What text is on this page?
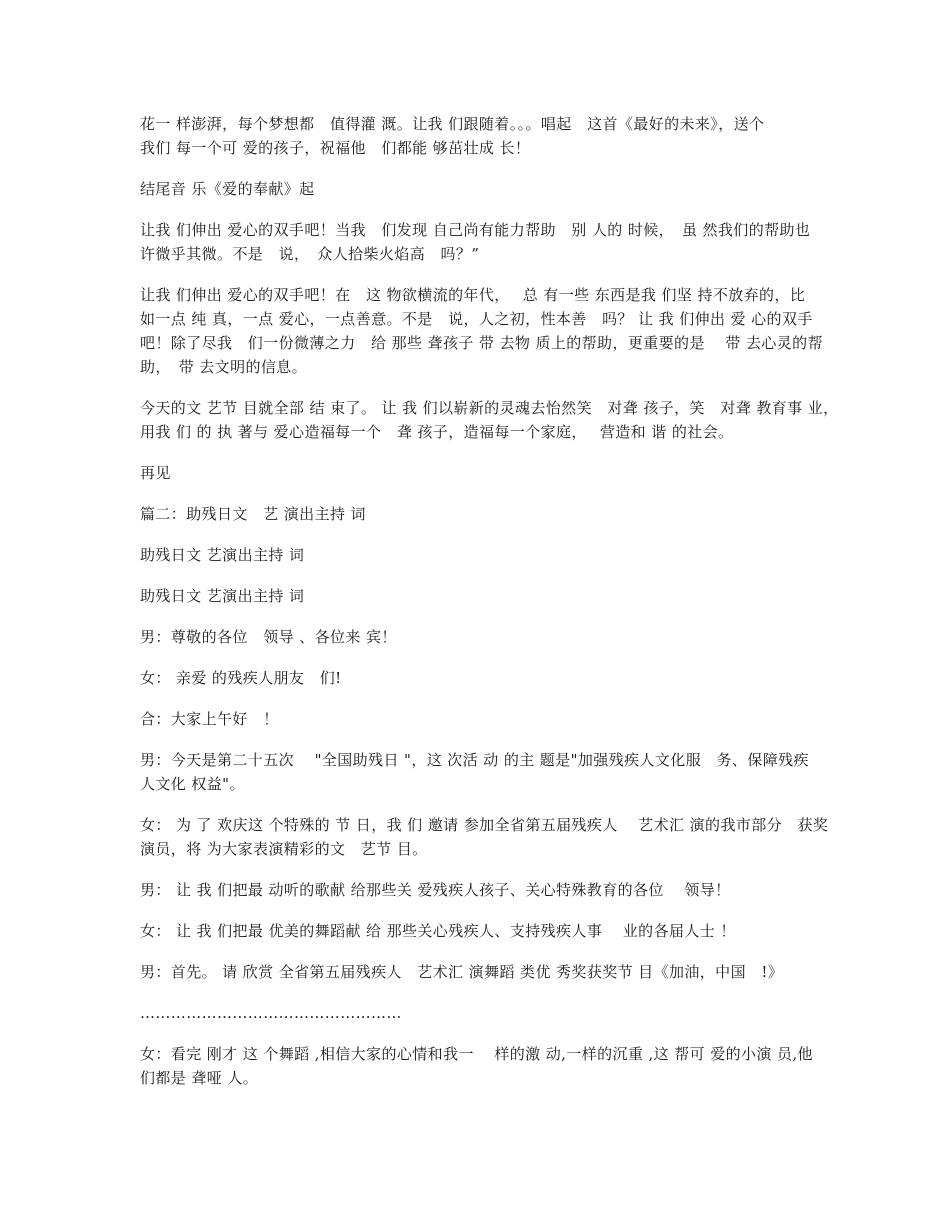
花一 样澎湃，每个梦想都　值得灌 溉。让我 们跟随着。。。唱起　这首《最好的未来》，送个
我们 每一个可 爱的孩子，祝福他　们都能 够茁壮成 长！
结尾音 乐《爱的奉献》起
让我 们伸出 爱心的双手吧！当我　们发现 自己尚有能力帮助　别 人的 时候，　虽 然我们的帮助也
许微乎其微。不是　说，　众人拾柴火焰高　吗？”
让我 们伸出 爱心的双手吧！在　这 物欲横流的年代，　 总 有一些 东西是我 们坚 持不放弃的，比
如一点 纯 真，一点 爱心，一点善意。不是　说，人之初，性本善　吗？ 让 我 们伸出 爱 心的双手
吧！除了尽我　们一份微薄之力　给 那些 聋孩子 带 去物 质上的帮助，更重要的是　 带 去心灵的帮
助，　带 去文明的信息。
今天的文 艺节 目就全部 结 束了。 让 我 们以崭新的灵魂去怡然笑　对聋 孩子，笑　对聋 教育事 业，
用我 们 的 执 著与 爱心造福每一个　聋 孩子，造福每一个家庭，　 营造和 谐 的社会。
再见
篇二：助残日文　艺 演出主持 词
助残日文 艺演出主持 词
助残日文 艺演出主持 词
男：尊敬的各位　领导 、各位来 宾！
女： 亲爱 的残疾人朋友　们!
合：大家上午好　！
男：今天是第二十五次　 "全国助残日 "，这 次活 动 的主 题是"加强残疾人文化服　务、保障残疾
人文化 权益"。
女： 为 了 欢庆这 个特殊的 节 日，我 们 邀请 参加全省第五届残疾人　 艺术汇 演的我市部分　获奖
演员，将 为大家表演精彩的文　艺节 目。
男： 让 我 们把最 动听的歌献 给那些关 爱残疾人孩子、关心特殊教育的各位　 领导！
女： 让 我 们把最 优美的舞蹈献 给 那些关心残疾人、支持残疾人事　 业的各届人士 ！
男：首先。 请 欣赏 全省第五届残疾人　艺术汇 演舞蹈 类优 秀奖获奖节 目《加油，中国　!》
……………………………………………
女：看完 刚才 这 个舞蹈 ,相信大家的心情和我一　 样的激 动,一样的沉重 ,这 帮可 爱的小演 员,他
们都是 聋哑 人。
